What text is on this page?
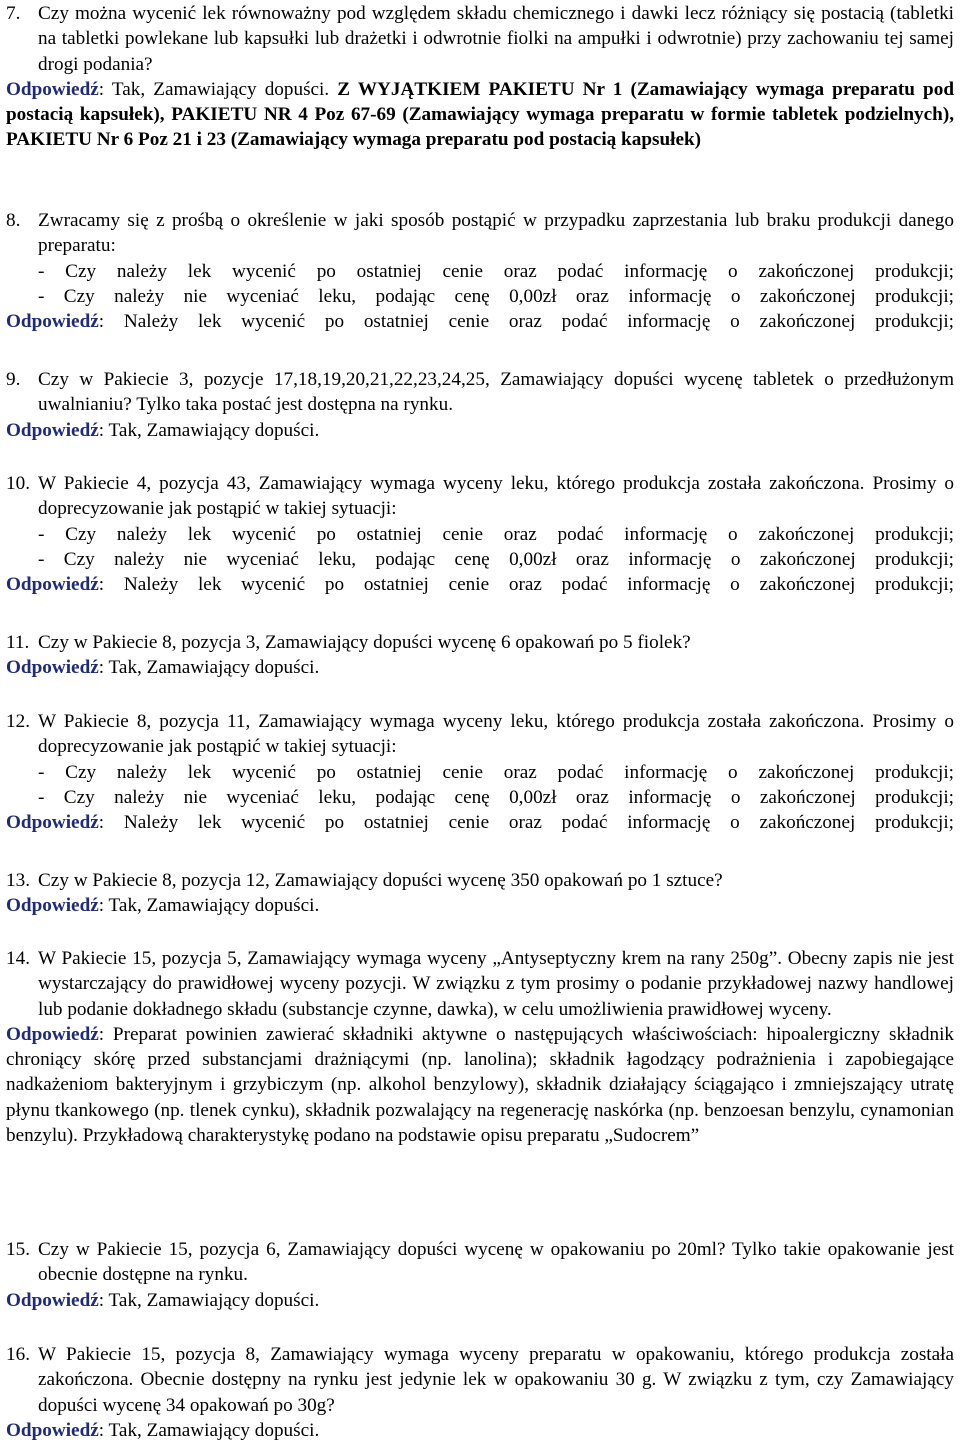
7. Czy można wycenić lek równoważny pod względem składu chemicznego i dawki lecz różniący się postacią (tabletki na tabletki powlekane lub kapsułki lub drażetki i odwrotnie fiolki na ampułki i odwrotnie) przy zachowaniu tej samej drogi podania?

Odpowiedź: Tak, Zamawiający dopuści. Z WYJĄTKIEM PAKIETU Nr 1 (Zamawiający wymaga preparatu pod postacią kapsułek), PAKIETU NR 4 Poz 67-69 (Zamawiający wymaga preparatu w formie tabletek podzielnych), PAKIETU Nr 6 Poz 21 i 23 (Zamawiający wymaga preparatu pod postacią kapsułek)
8. Zwracamy się z prośbą o określenie w jaki sposób postąpić w przypadku zaprzestania lub braku produkcji danego preparatu:

- Czy należy lek wycenić po ostatniej cenie oraz podać informację o zakończonej produkcji;
- Czy należy nie wyceniać leku, podając cenę 0,00zł oraz informację o zakończonej produkcji;
Odpowiedź: Należy lek wycenić po ostatniej cenie oraz podać informację o zakończonej produkcji;
9. Czy w Pakiecie 3, pozycje 17,18,19,20,21,22,23,24,25, Zamawiający dopuści wycenę tabletek o przedłużonym uwalnianiu? Tylko taka postać jest dostępna na rynku.

Odpowiedź: Tak, Zamawiający dopuści.
10. W Pakiecie 4, pozycja 43, Zamawiający wymaga wyceny leku, którego produkcja została zakończona. Prosimy o doprecyzowanie jak postąpić w takiej sytuacji:

- Czy należy lek wycenić po ostatniej cenie oraz podać informację o zakończonej produkcji;
- Czy należy nie wyceniać leku, podając cenę 0,00zł oraz informację o zakończonej produkcji;
Odpowiedź: Należy lek wycenić po ostatniej cenie oraz podać informację o zakończonej produkcji;
11. Czy w Pakiecie 8, pozycja 3, Zamawiający dopuści wycenę 6 opakowań po 5 fiolek?

Odpowiedź: Tak, Zamawiający dopuści.
12. W Pakiecie 8, pozycja 11, Zamawiający wymaga wyceny leku, którego produkcja została zakończona. Prosimy o doprecyzowanie jak postąpić w takiej sytuacji:

- Czy należy lek wycenić po ostatniej cenie oraz podać informację o zakończonej produkcji;
- Czy należy nie wyceniać leku, podając cenę 0,00zł oraz informację o zakończonej produkcji;
Odpowiedź: Należy lek wycenić po ostatniej cenie oraz podać informację o zakończonej produkcji;
13. Czy w Pakiecie 8, pozycja 12, Zamawiający dopuści wycenę 350 opakowań po 1 sztuce?

Odpowiedź: Tak, Zamawiający dopuści.
14. W Pakiecie 15, pozycja 5, Zamawiający wymaga wyceny „Antyseptyczny krem na rany 250g”. Obecny zapis nie jest wystarczający do prawidłowej wyceny pozycji. W związku z tym prosimy o podanie przykładowej nazwy handlowej lub podanie dokładnego składu (substancje czynne, dawka), w celu umożliwienia prawidłowej wyceny.

Odpowiedź: Preparat powinien zawierać składniki aktywne o następujących właściwościach: hipoalergiczny składnik chroniący skórę przed substancjami drażniącymi (np. lanolina); składnik łagodzący podrażnienia i zapobiegające nadkażeniom bakteryjnym i grzybiczym (np. alkohol benzylowy), składnik działający ściągająco i zmniejszający utratę płynu tkankowego (np. tlenek cynku), składnik pozwalający na regenerację naskórka (np. benzoesan benzylu, cynamonian benzylu). Przykładową charakterystykę podano na podstawie opisu preparatu „Sudocrem”
15. Czy w Pakiecie 15, pozycja 6, Zamawiający dopuści wycenę w opakowaniu po 20ml? Tylko takie opakowanie jest obecnie dostępne na rynku.

Odpowiedź: Tak, Zamawiający dopuści.
16. W Pakiecie 15, pozycja 8, Zamawiający wymaga wyceny preparatu w opakowaniu, którego produkcja została zakończona. Obecnie dostępny na rynku jest jedynie lek w opakowaniu 30 g. W związku z tym, czy Zamawiający dopuści wycenę 34 opakowań po 30g?

Odpowiedź: Tak, Zamawiający dopuści.
